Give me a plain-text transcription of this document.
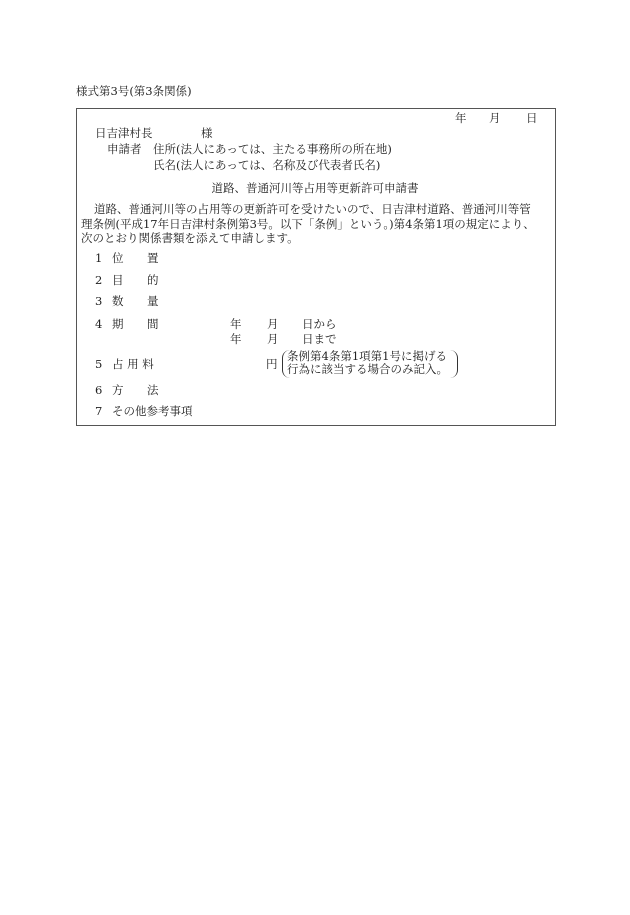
様式第3号(第3条関係)
年 月 日
日吉津村長	様
申請者 住所(法人にあっては、主たる事務所の所在地)
氏名(法人にあっては、名称及び代表者氏名)
道路、普通河川等占用等更新許可申請書
道路、普通河川等の占用等の更新許可を受けたいので、日吉津村道路、普通河川等管
理条例(平成17年日吉津村条例第3号。以下「条例」という。)第4条第1項の規定により、
次のとおり関係書類を添えて申請します。
1 位 置
2 目 的
3 数 量
4 期 間	年 月 日から
年 月 日まで
5 占 用 料	円
条例第4条第1項第1号に掲げる
行為に該当する場合のみ記入。
6 方 法
7 その他参考事項
